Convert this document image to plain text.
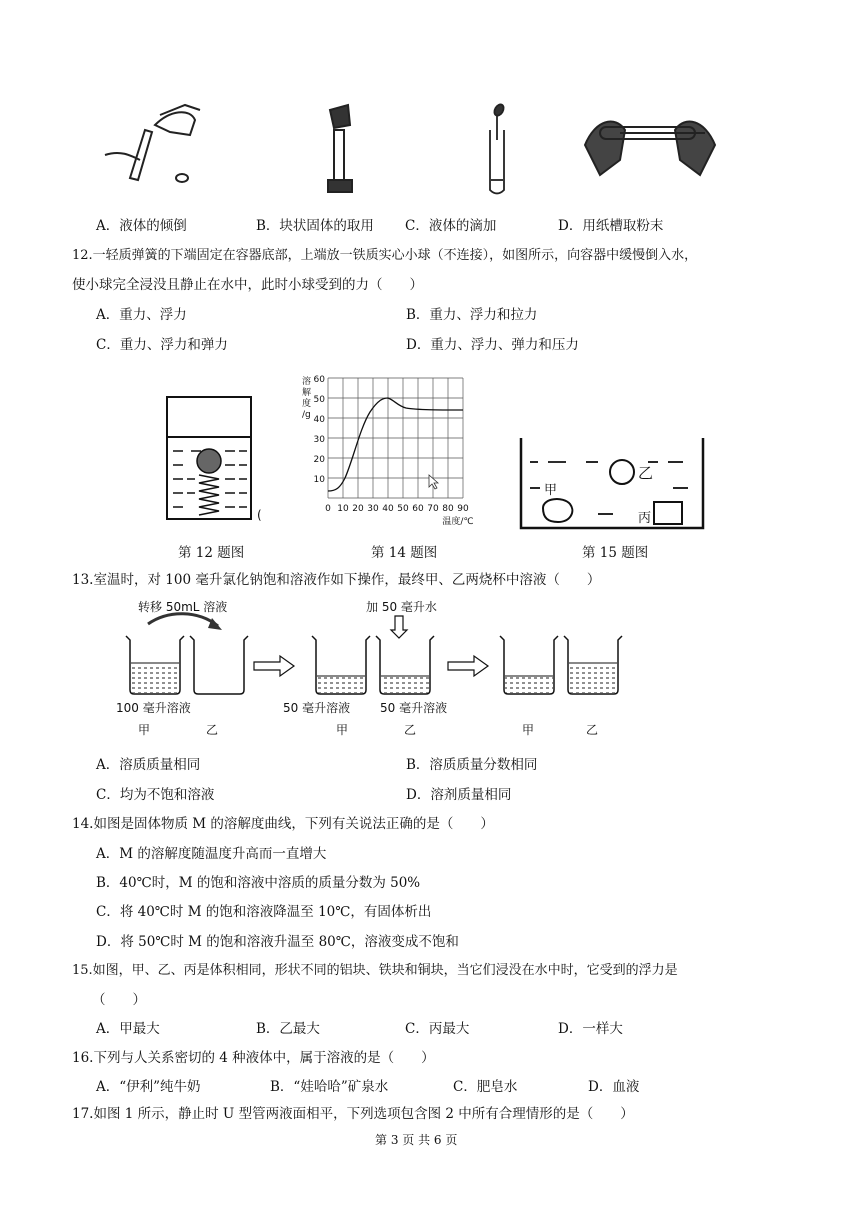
A．液体的倾倒	B．块状固体的取用 C．液体的滴加	D．用纸槽取粉末
12.一轻质弹簧的下端固定在容器底部，上端放一铁质实心小球（不连接），如图所示，向容器中缓慢倒入水，
使小球完全浸没且静止在水中，此时小球受到的力（　　）
A．重力、浮力	B．重力、浮力和拉力
C．重力、浮力和弹力	D．重力、浮力、弹力和压力
(
溶
解
度
/g
60
50
40
30
20
10
0 10 20 30 40 50 60 70 80 90
温度/℃
乙
甲
丙
第 12 题图	第 14 题图	第 15 题图
13.室温时，对 100 毫升氯化钠饱和溶液作如下操作，最终甲、乙两烧杯中溶液（　　）
转移 50mL 溶液	加 50 毫升水
100 毫升溶液	50 毫升溶液 50 毫升溶液
甲	乙	甲	乙	甲	乙
A．溶质质量相同	B．溶质质量分数相同
C．均为不饱和溶液	D．溶剂质量相同
14.如图是固体物质 M 的溶解度曲线，下列有关说法正确的是（　　）
A．M 的溶解度随温度升高而一直增大
B．40℃时，M 的饱和溶液中溶质的质量分数为 50%
C．将 40℃时 M 的饱和溶液降温至 10℃，有固体析出
D．将 50℃时 M 的饱和溶液升温至 80℃，溶液变成不饱和
15.如图，甲、乙、丙是体积相同，形状不同的铝块、铁块和铜块，当它们浸没在水中时，它受到的浮力是
（　　）
A．甲最大	B．乙最大	C．丙最大	D．一样大
16.下列与人关系密切的 4 种液体中，属于溶液的是（　　）
A．“伊利”纯牛奶	B．“娃哈哈”矿泉水	C．肥皂水	D．血液
17.如图 1 所示，静止时 U 型管两液面相平，下列选项包含图 2 中所有合理情形的是（　　）
第 3 页 共 6 页
